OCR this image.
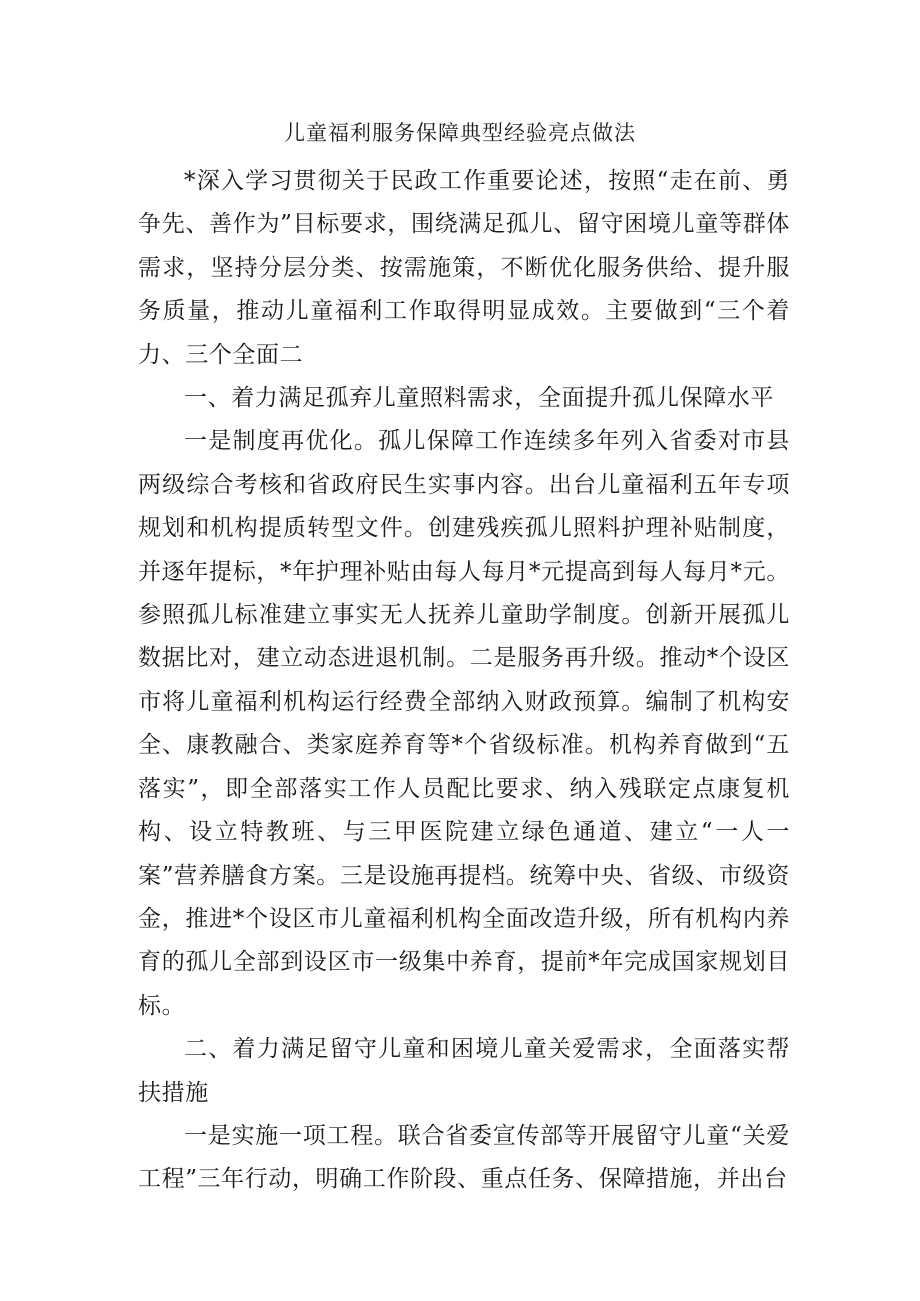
儿童福利服务保障典型经验亮点做法

*深入学习贯彻关于民政工作重要论述，按照“走在前、勇争先、善作为”目标要求，围绕满足孤儿、留守困境儿童等群体需求，坚持分层分类、按需施策，不断优化服务供给、提升服务质量，推动儿童福利工作取得明显成效。主要做到“三个着力、三个全面二

一、着力满足孤弃儿童照料需求，全面提升孤儿保障水平

一是制度再优化。孤儿保障工作连续多年列入省委对市县两级综合考核和省政府民生实事内容。出台儿童福利五年专项规划和机构提质转型文件。创建残疾孤儿照料护理补贴制度，并逐年提标，*年护理补贴由每人每月*元提高到每人每月*元。参照孤儿标准建立事实无人抚养儿童助学制度。创新开展孤儿数据比对，建立动态进退机制。二是服务再升级。推动*个设区市将儿童福利机构运行经费全部纳入财政预算。编制了机构安全、康教融合、类家庭养育等*个省级标准。机构养育做到“五落实”，即全部落实工作人员配比要求、纳入残联定点康复机构、设立特教班、与三甲医院建立绿色通道、建立“一人一案”营养膳食方案。三是设施再提档。统筹中央、省级、市级资金，推进*个设区市儿童福利机构全面改造升级，所有机构内养育的孤儿全部到设区市一级集中养育，提前*年完成国家规划目标。

二、着力满足留守儿童和困境儿童关爱需求，全面落实帮扶措施

一是实施一项工程。联合省委宣传部等开展留守儿童“关爱工程”三年行动，明确工作阶段、重点任务、保障措施，并出台
